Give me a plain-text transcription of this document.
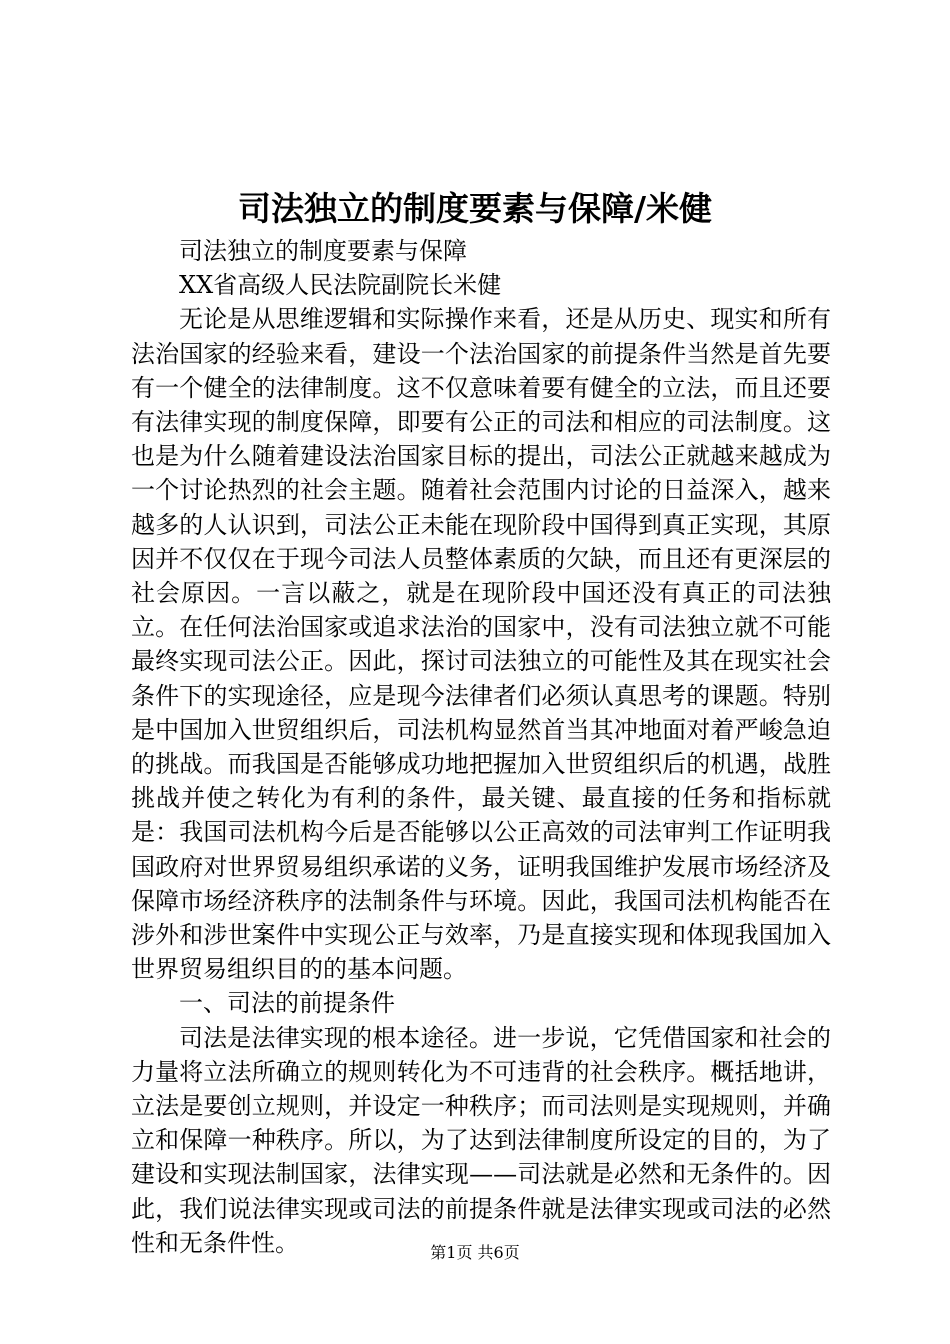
司法独立的制度要素与保障/米健

司法独立的制度要素与保障

XX省高级人民法院副院长米健

无论是从思维逻辑和实际操作来看，还是从历史、现实和所有法治国家的经验来看，建设一个法治国家的前提条件当然是首先要有一个健全的法律制度。这不仅意味着要有健全的立法，而且还要有法律实现的制度保障，即要有公正的司法和相应的司法制度。这也是为什么随着建设法治国家目标的提出，司法公正就越来越成为一个讨论热烈的社会主题。随着社会范围内讨论的日益深入，越来越多的人认识到，司法公正未能在现阶段中国得到真正实现，其原因并不仅仅在于现今司法人员整体素质的欠缺，而且还有更深层的社会原因。一言以蔽之，就是在现阶段中国还没有真正的司法独立。在任何法治国家或追求法治的国家中，没有司法独立就不可能最终实现司法公正。因此，探讨司法独立的可能性及其在现实社会条件下的实现途径，应是现今法律者们必须认真思考的课题。特别是中国加入世贸组织后，司法机构显然首当其冲地面对着严峻急迫的挑战。而我国是否能够成功地把握加入世贸组织后的机遇，战胜挑战并使之转化为有利的条件，最关键、最直接的任务和指标就是：我国司法机构今后是否能够以公正高效的司法审判工作证明我国政府对世界贸易组织承诺的义务，证明我国维护发展市场经济及保障市场经济秩序的法制条件与环境。因此，我国司法机构能否在涉外和涉世案件中实现公正与效率，乃是直接实现和体现我国加入世界贸易组织目的的基本问题。

一、司法的前提条件

司法是法律实现的根本途径。进一步说，它凭借国家和社会的力量将立法所确立的规则转化为不可违背的社会秩序。概括地讲，立法是要创立规则，并设定一种秩序；而司法则是实现规则，并确立和保障一种秩序。所以，为了达到法律制度所设定的目的，为了建设和实现法制国家，法律实现——司法就是必然和无条件的。因此，我们说法律实现或司法的前提条件就是法律实现或司法的必然性和无条件性。	第1页 共6页
